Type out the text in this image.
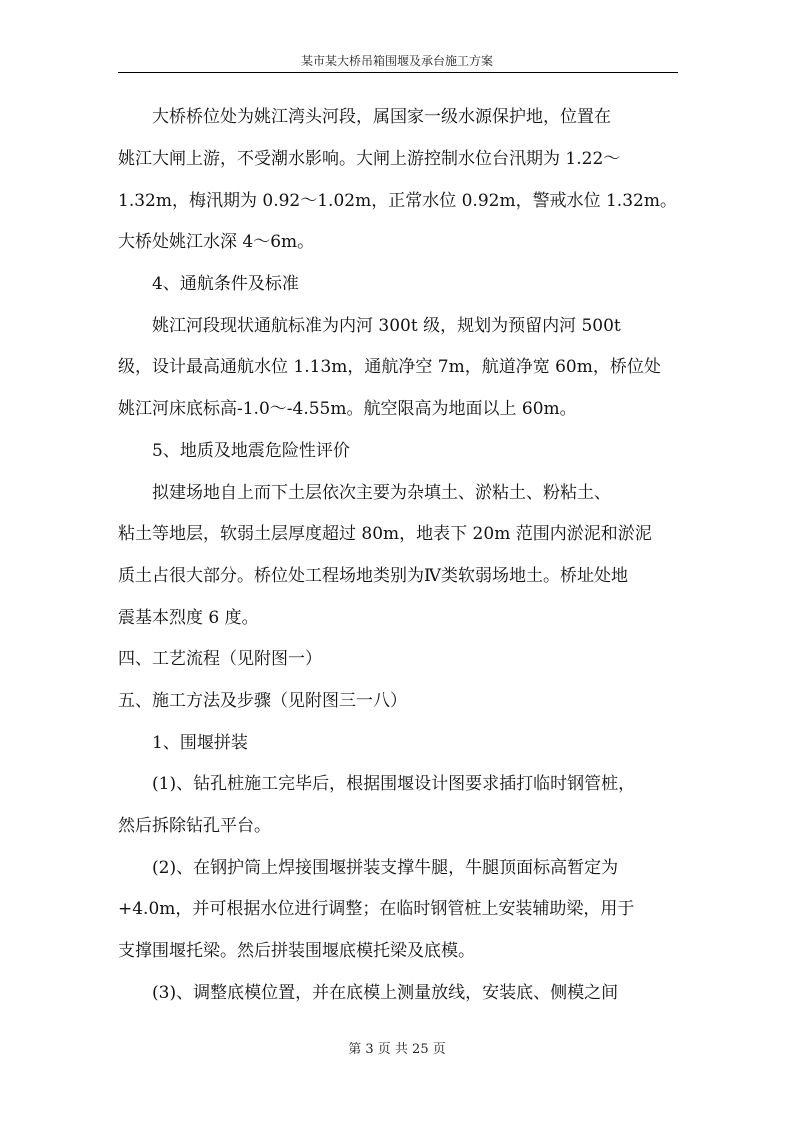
某市某大桥吊箱围堰及承台施工方案
　　大桥桥位处为姚江湾头河段，属国家一级水源保护地，位置在
姚江大闸上游，不受潮水影响。大闸上游控制水位台汛期为 1.22～
1.32m，梅汛期为 0.92～1.02m，正常水位 0.92m，警戒水位 1.32m。
大桥处姚江水深 4～6m。
　　4、通航条件及标准
　　姚江河段现状通航标准为内河 300t 级，规划为预留内河 500t
级，设计最高通航水位 1.13m，通航净空 7m，航道净宽 60m，桥位处
姚江河床底标高-1.0～-4.55m。航空限高为地面以上 60m。
　　5、地质及地震危险性评价
　　拟建场地自上而下土层依次主要为杂填土、淤粘土、粉粘土、
粘土等地层，软弱土层厚度超过 80m，地表下 20m 范围内淤泥和淤泥
质土占很大部分。桥位处工程场地类别为Ⅳ类软弱场地土。桥址处地
震基本烈度 6 度。
四、工艺流程（见附图一）
五、施工方法及步骤（见附图三一八）
　　1、围堰拼装
　　(1)、钻孔桩施工完毕后，根据围堰设计图要求插打临时钢管桩，
然后拆除钻孔平台。
　　(2)、在钢护筒上焊接围堰拼装支撑牛腿，牛腿顶面标高暂定为
+4.0m，并可根据水位进行调整；在临时钢管桩上安装辅助梁，用于
支撑围堰托梁。然后拼装围堰底模托梁及底模。
　　(3)、调整底模位置，并在底模上测量放线，安装底、侧模之间
第 3 页 共 25 页
